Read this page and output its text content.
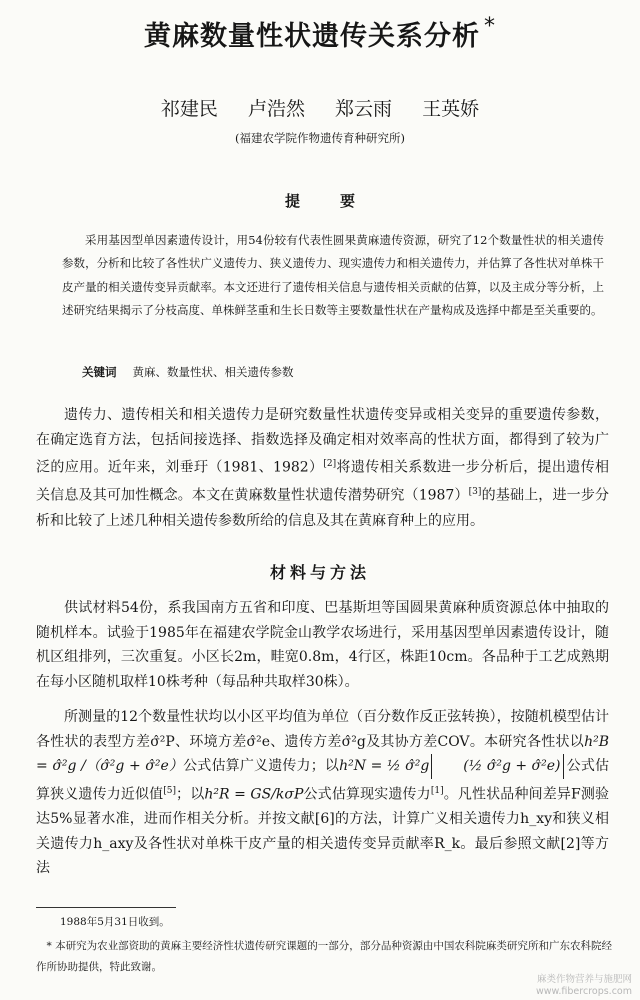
黄麻数量性状遗传关系分析 *
祁建民 卢浩然 郑云雨 王英娇
(福建农学院作物遗传育种研究所)
提	要

采用基因型单因素遗传设计，用54份较有代表性圆果黄麻遗传资源，研究了12个数量性状的相关遗传参数，分析和比较了各性状广义遗传力、狭义遗传力、现实遗传力和相关遗传力，并估算了各性状对单株干皮产量的相关遗传变异贡献率。本文还进行了遗传相关信息与遗传相关贡献的估算，以及主成分等分析，上述研究结果揭示了分枝高度、单株鲜茎重和生长日数等主要数量性状在产量构成及选择中都是至关重要的。

关键词 黄麻、数量性状、相关遗传参数

遗传力、遗传相关和相关遗传力是研究数量性状遗传变异或相关变异的重要遗传参数，在确定选育方法，包括间接选择、指数选择及确定相对效率高的性状方面，都得到了较为广泛的应用。近年来，刘垂玗（1981、1982）[2]将遗传相关系数进一步分析后，提出遗传相关信息及其可加性概念。本文在黄麻数量性状遗传潜势研究（1987）[3]的基础上，进一步分析和比较了上述几种相关遗传参数所给的信息及其在黄麻育种上的应用。

材料与方法

供试材料54份，系我国南方五省和印度、巴基斯坦等国圆果黄麻种质资源总体中抽取的随机样本。试验于1985年在福建农学院金山教学农场进行，采用基因型单因素遗传设计，随机区组排列，三次重复。小区长2m，畦宽0.8m，4行区，株距10cm。各品种于工艺成熟期在每小区随机取样10株考种（每品种共取样30株）。

所测量的12个数量性状均以小区平均值为单位（百分数作反正弦转换），按随机模型估计各性状的表型方差σ̂²P、环境方差σ̂²e、遗传方差σ̂²g及其协方差COV。本研究各性状以h²B = σ̂²g /（σ̂²g + σ̂²e）公式估算广义遗传力；以h²N = ½ σ̂²g (½ σ̂²g + σ̂²e) 公式估算狭义遗传力近似值[5]；以h²R = GS/kσP公式估算现实遗传力[1]。凡性状品种间差异F测验达5%显著水准，进而作相关分析。并按文献[6]的方法，计算广义相关遗传力h_xy和狭义相关遗传力h_axy及各性状对单株干皮产量的相关遗传变异贡献率R_k。最后参照文献[2]等方法

1988年5月31日收到。

* 本研究为农业部资助的黄麻主要经济性状遗传研究课题的一部分，部分品种资源由中国农科院麻类研究所和广东农科院经作所协助提供，特此致谢。

麻类作物营养与施肥网
www.fibercrops.com
